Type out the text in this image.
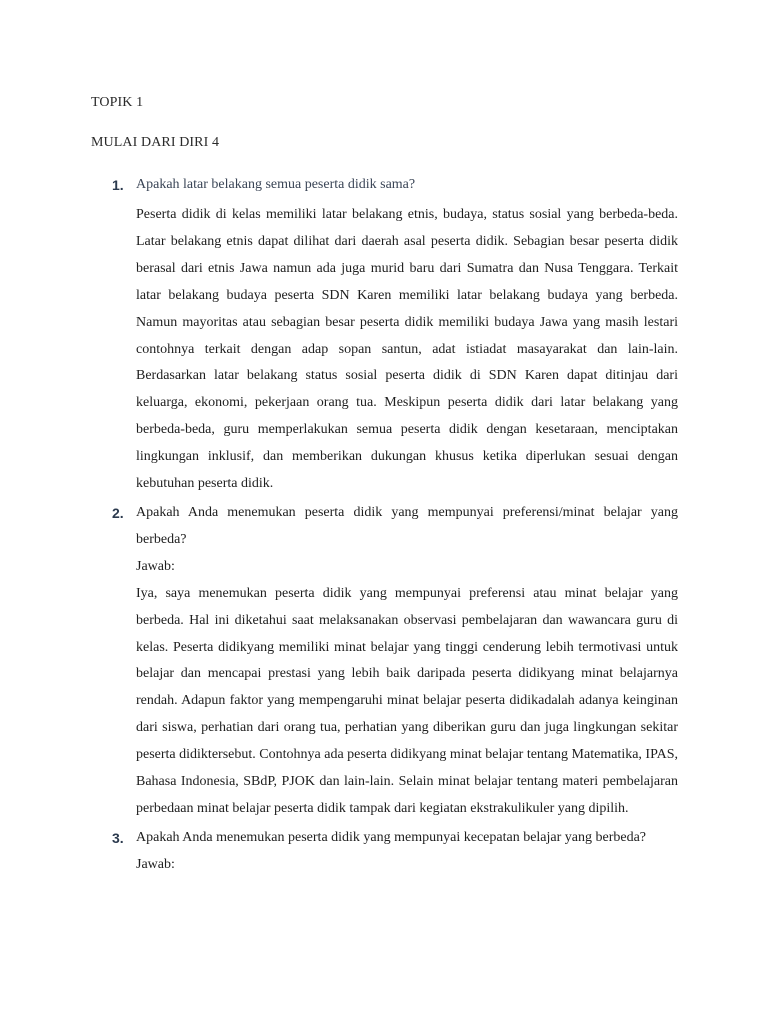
TOPIK 1
MULAI DARI DIRI 4
1. Apakah latar belakang semua peserta didik sama?

Peserta didik di kelas memiliki latar belakang etnis, budaya, status sosial yang berbeda-beda. Latar belakang etnis dapat dilihat dari daerah asal peserta didik. Sebagian besar peserta didik berasal dari etnis Jawa namun ada juga murid baru dari Sumatra dan Nusa Tenggara. Terkait latar belakang budaya peserta SDN Karen memiliki latar belakang budaya yang berbeda. Namun mayoritas atau sebagian besar peserta didik memiliki budaya Jawa yang masih lestari contohnya terkait dengan adap sopan santun, adat istiadat masayarakat dan lain-lain. Berdasarkan latar belakang status sosial peserta didik di SDN Karen dapat ditinjau dari keluarga, ekonomi, pekerjaan orang tua. Meskipun peserta didik dari latar belakang yang berbeda-beda, guru memperlakukan semua peserta didik dengan kesetaraan, menciptakan lingkungan inklusif, dan memberikan dukungan khusus ketika diperlukan sesuai dengan kebutuhan peserta didik.

2. Apakah Anda menemukan peserta didik yang mempunyai preferensi/minat belajar yang berbeda?

Jawab:

Iya, saya menemukan peserta didik yang mempunyai preferensi atau minat belajar yang berbeda. Hal ini diketahui saat melaksanakan observasi pembelajaran dan wawancara guru di kelas. Peserta didikyang memiliki minat belajar yang tinggi cenderung lebih termotivasi untuk belajar dan mencapai prestasi yang lebih baik daripada peserta didikyang minat belajarnya rendah. Adapun faktor yang mempengaruhi minat belajar peserta didikadalah adanya keinginan dari siswa, perhatian dari orang tua, perhatian yang diberikan guru dan juga lingkungan sekitar peserta didiktersebut. Contohnya ada peserta didikyang minat belajar tentang Matematika, IPAS, Bahasa Indonesia, SBdP, PJOK dan lain-lain. Selain minat belajar tentang materi pembelajaran perbedaan minat belajar peserta didik tampak dari kegiatan ekstrakulikuler yang dipilih.

3. Apakah Anda menemukan peserta didik yang mempunyai kecepatan belajar yang berbeda?

Jawab:
